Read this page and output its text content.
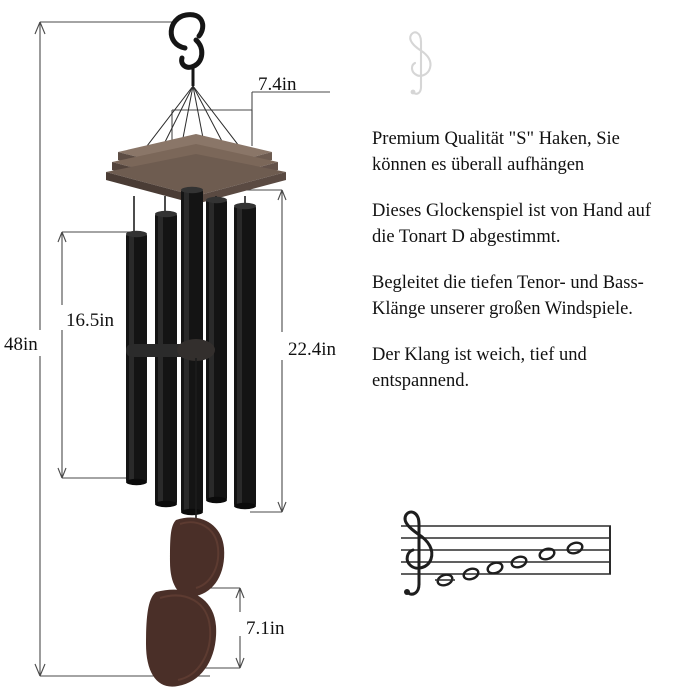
48in
16.5in
7.4in
22.4in
7.1in

Premium Qualität "S" Haken, Sie können es überall aufhängen

Dieses Glockenspiel ist von Hand auf die Tonart D abgestimmt.

Begleitet die tiefen Tenor- und Bass-Klänge unserer großen Windspiele.

Der Klang ist weich, tief und entspannend.
